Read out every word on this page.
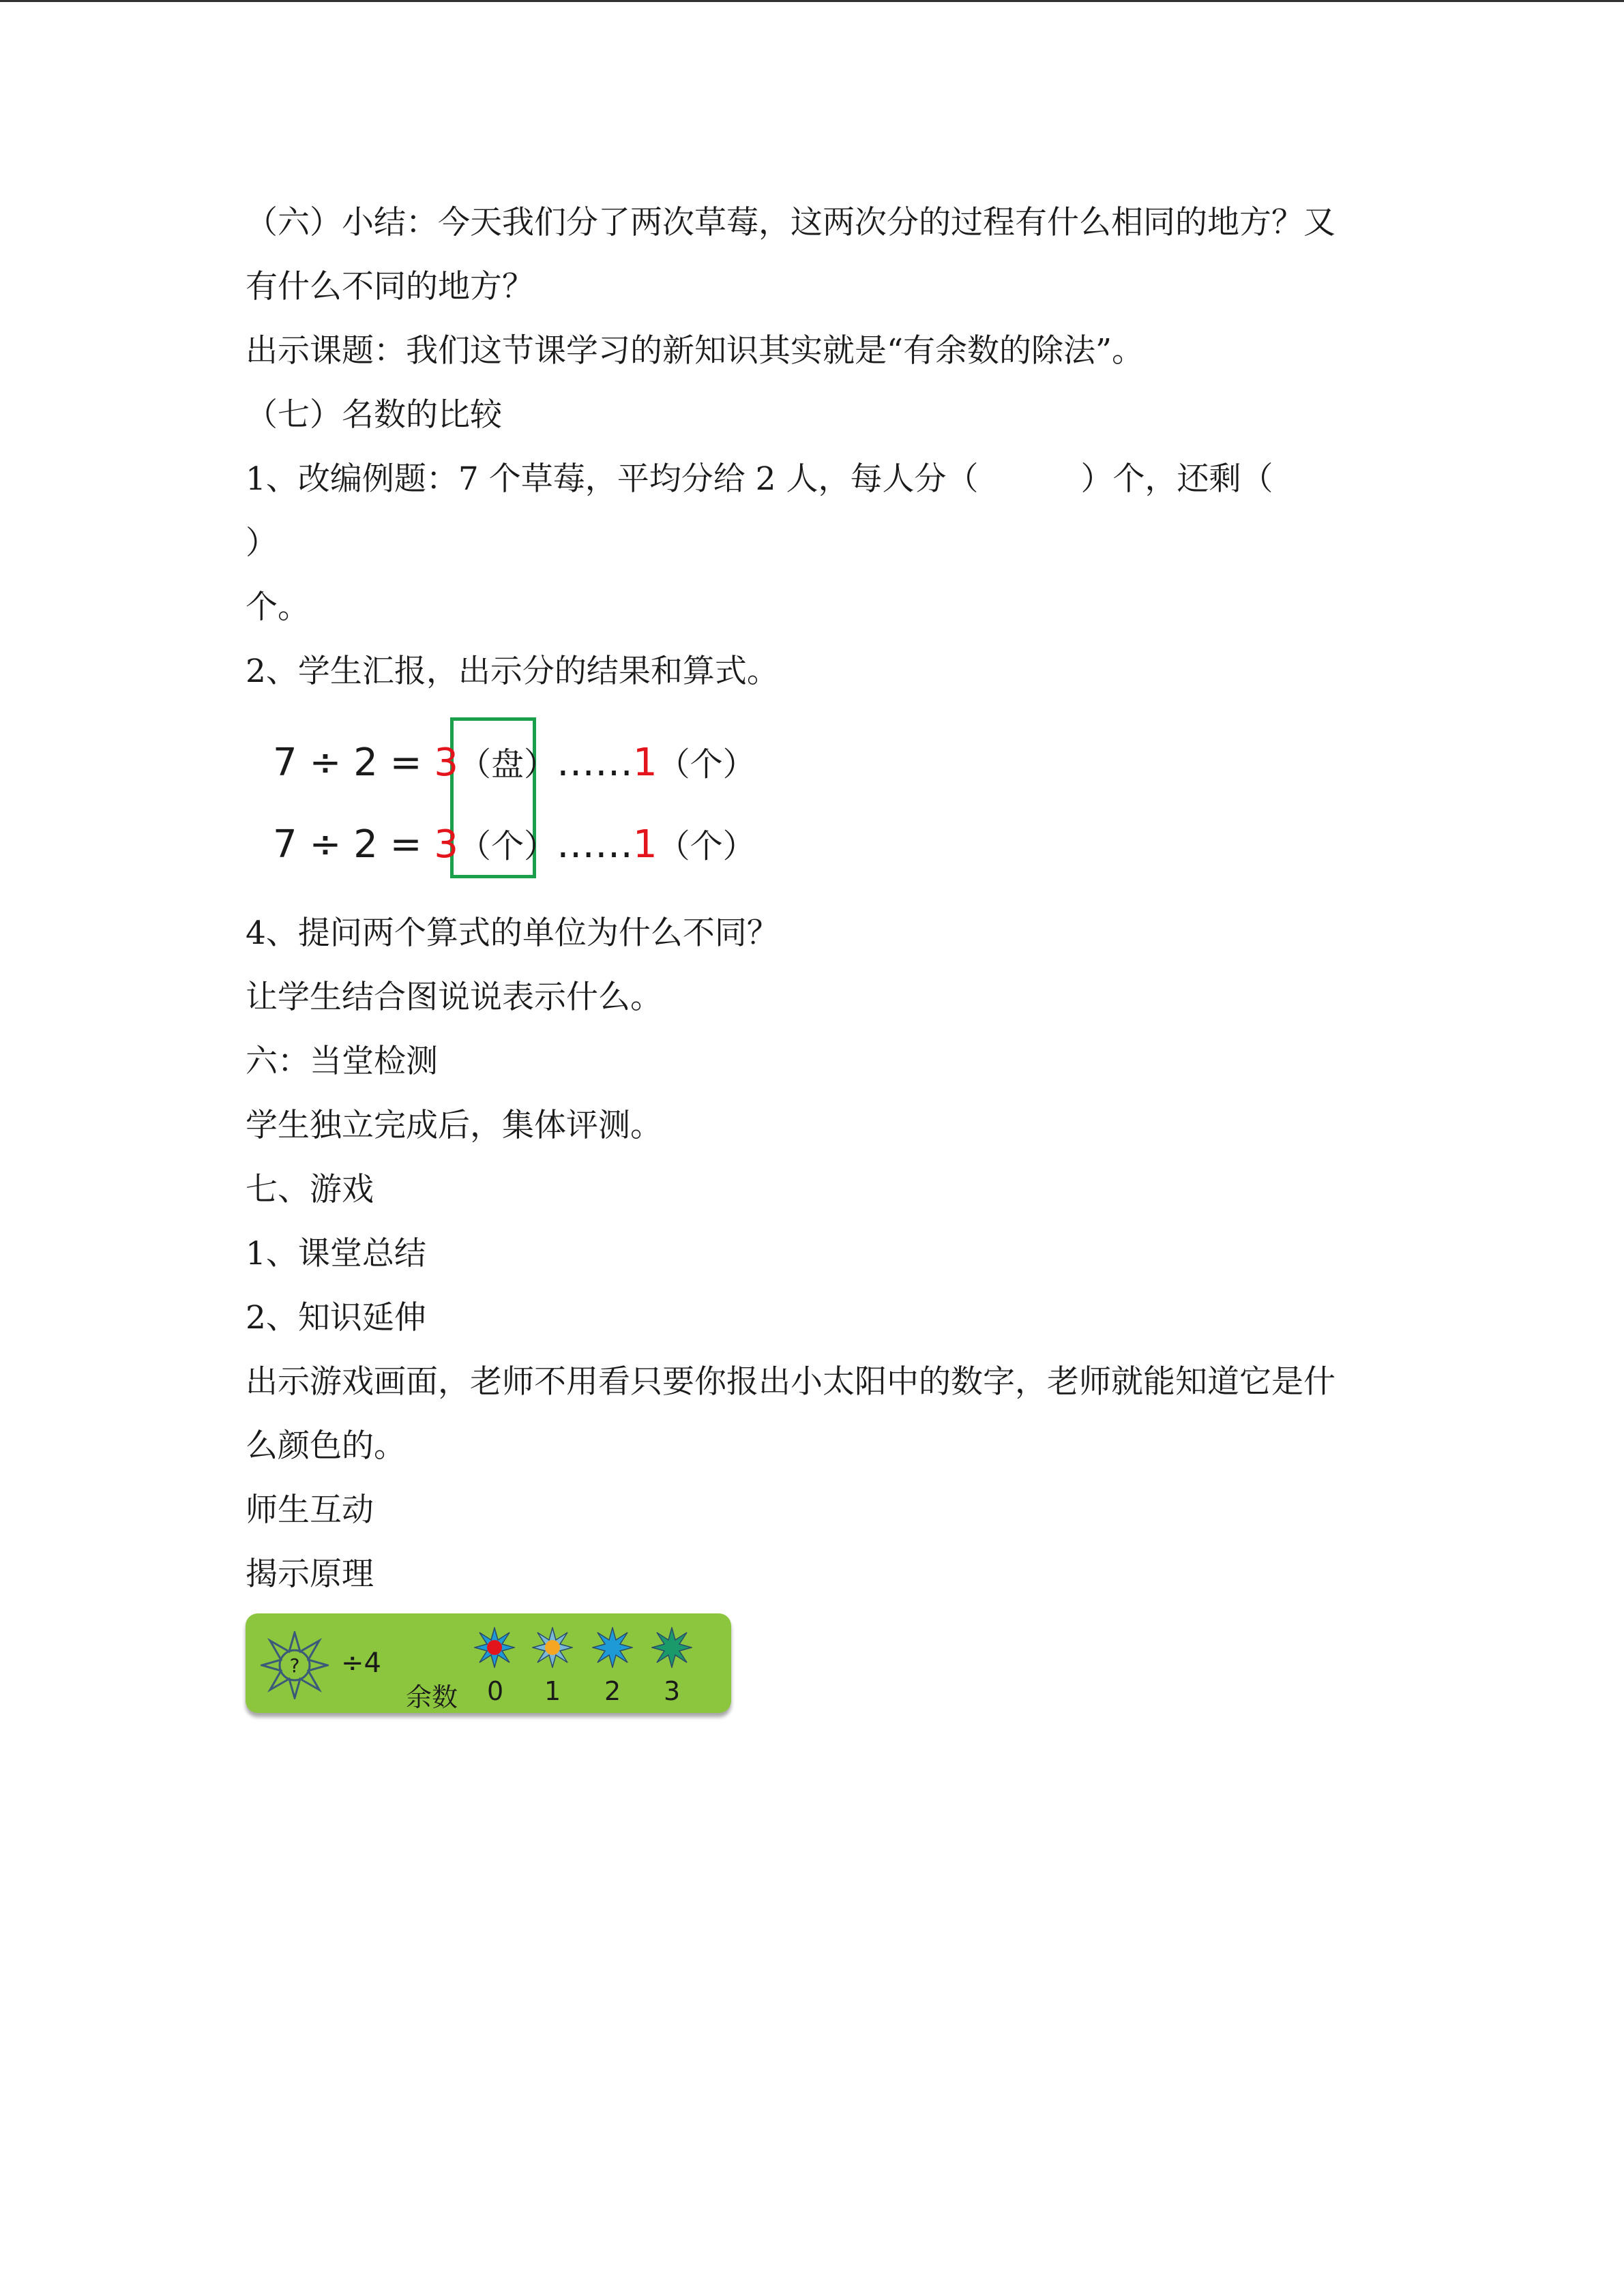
（六）小结：今天我们分了两次草莓，这两次分的过程有什么相同的地方？又

有什么不同的地方？

出示课题：我们这节课学习的新知识其实就是“有余数的除法”。

（七）名数的比较

1、改编例题：7 个草莓，平均分给 2 人，每人分（	）个，还剩（）

个。

2、学生汇报，出示分的结果和算式。

7 ÷ 2 = 3（盘）……1（个）
7 ÷ 2 = 3（个）……1（个）

4、提问两个算式的单位为什么不同？

让学生结合图说说表示什么。

六：当堂检测

学生独立完成后，集体评测。

七、游戏

1、课堂总结

2、知识延伸

出示游戏画面，老师不用看只要你报出小太阳中的数字，老师就能知道它是什

么颜色的。

师生互动

揭示原理

? ÷4
余数 0 1 2 3
